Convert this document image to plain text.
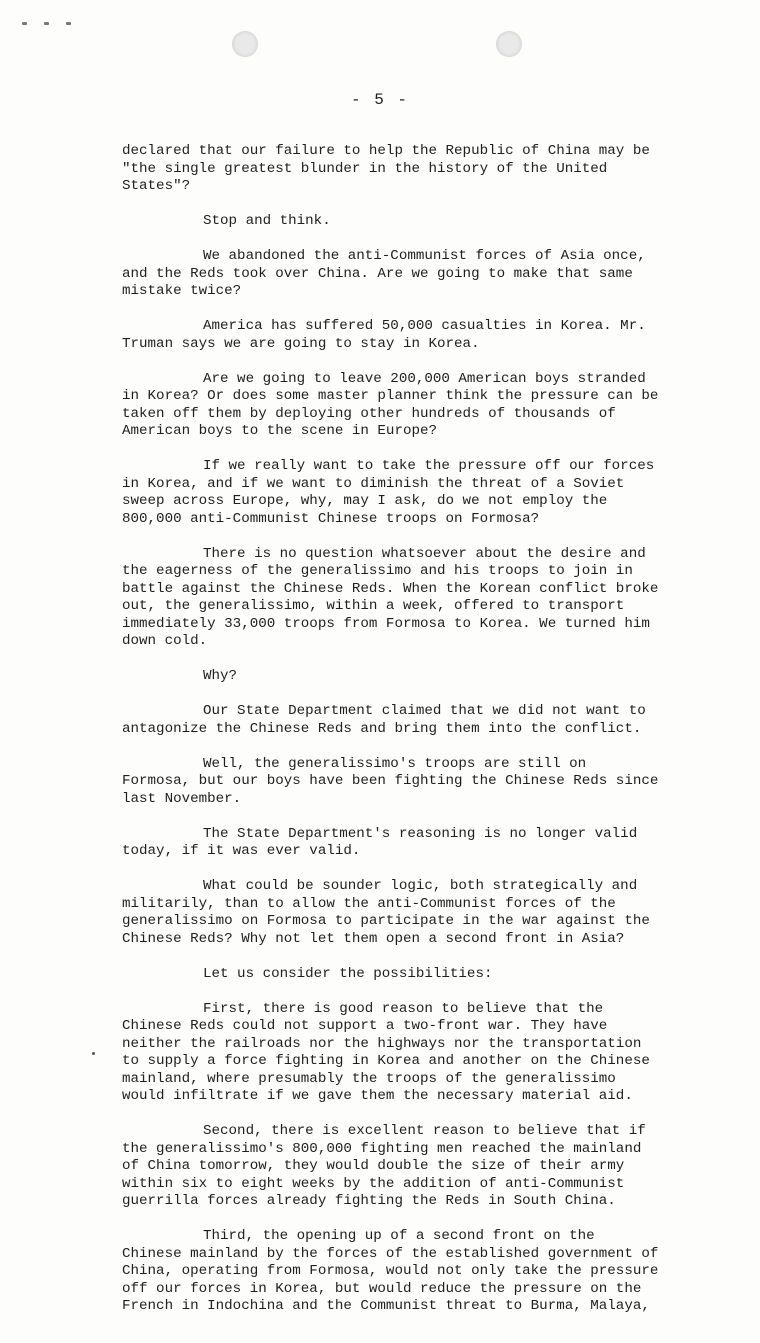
- 5 -

declared that our failure to help the Republic of China may be "the single greatest blunder in the history of the United States"?

Stop and think.

We abandoned the anti-Communist forces of Asia once, and the Reds took over China. Are we going to make that same mistake twice?

America has suffered 50,000 casualties in Korea. Mr. Truman says we are going to stay in Korea.

Are we going to leave 200,000 American boys stranded in Korea? Or does some master planner think the pressure can be taken off them by deploying other hundreds of thousands of American boys to the scene in Europe?

If we really want to take the pressure off our forces in Korea, and if we want to diminish the threat of a Soviet sweep across Europe, why, may I ask, do we not employ the 800,000 anti-Communist Chinese troops on Formosa?

There is no question whatsoever about the desire and the eagerness of the generalissimo and his troops to join in battle against the Chinese Reds. When the Korean conflict broke out, the generalissimo, within a week, offered to transport immediately 33,000 troops from Formosa to Korea. We turned him down cold.

Why?

Our State Department claimed that we did not want to antagonize the Chinese Reds and bring them into the conflict.

Well, the generalissimo's troops are still on Formosa, but our boys have been fighting the Chinese Reds since last November.

The State Department's reasoning is no longer valid today, if it was ever valid.

What could be sounder logic, both strategically and militarily, than to allow the anti-Communist forces of the generalissimo on Formosa to participate in the war against the Chinese Reds? Why not let them open a second front in Asia?

Let us consider the possibilities:

First, there is good reason to believe that the Chinese Reds could not support a two-front war. They have neither the railroads nor the highways nor the transportation to supply a force fighting in Korea and another on the Chinese mainland, where presumably the troops of the generalissimo would infiltrate if we gave them the necessary material aid.

Second, there is excellent reason to believe that if the generalissimo's 800,000 fighting men reached the mainland of China tomorrow, they would double the size of their army within six to eight weeks by the addition of anti-Communist guerrilla forces already fighting the Reds in South China.

Third, the opening up of a second front on the Chinese mainland by the forces of the established government of China, operating from Formosa, would not only take the pressure off our forces in Korea, but would reduce the pressure on the French in Indochina and the Communist threat to Burma, Malaya,
